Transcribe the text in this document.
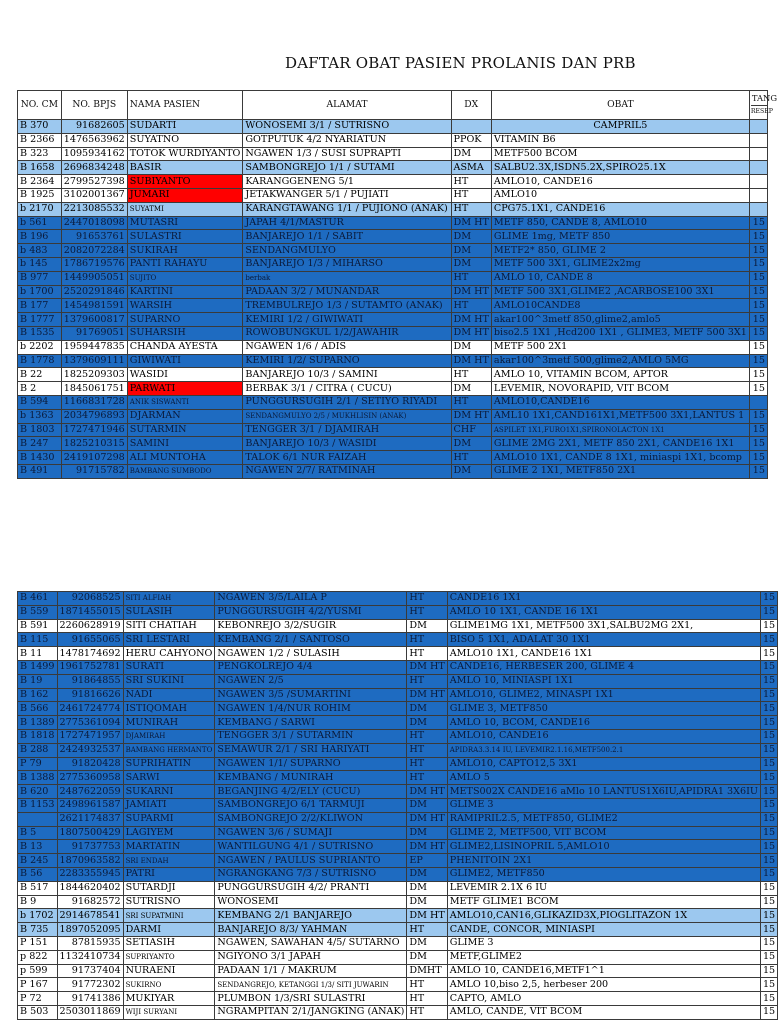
DAFTAR OBAT PASIEN PROLANIS DAN PRB
NO. CM	NO. BPJS	NAMA PASIEN	ALAMAT	DX	OBAT	TANG
RESEP

B 370	91682605	SUDARTI	WONOSEMI 3/1 / SUTRISNO		CAMPRIL5	
B 2366	1476563962	SUYATNO	GOTPUTUK 4/2 NYARIATUN	PPOK	VITAMIN B6	
B 323	1095934162	TOTOK WURDIYANTO	NGAWEN 1/3 / SUSI SUPRAPTI	DM	METF500 BCOM	
B 1658	2696834248	BASIR	SAMBONGREJO 1/1 / SUTAMI	ASMA	SALBU2.3X,ISDN5.2X,SPIRO25.1X	
B 2364	2799527398	SUBIYANTO	KARANGGENENG 5/1	HT	AMLO10, CANDE16	
B 1925	3102001367	JUMARI	JETAKWANGER 5/1 / PUJIATI	HT	AMLO10	
b 2170	2213085532	SUYATMI	KARANGTAWANG 1/1 / PUJIONO (ANAK)	HT	CPG75.1X1, CANDE16	
b 561	2447018098	MUTASRI	JAPAH 4/1/MASTUR	DM HT	METF 850, CANDE 8, AMLO10	15
B 196	91653761	SULASTRI	BANJAREJO 1/1 / SABIT	DM	GLIME 1mg, METF 850	15
b 483	2082072284	SUKIRAH	SENDANGMULYO	DM	METF2* 850, GLIME 2	15
b 145	1786719576	PANTI RAHAYU	BANJAREJO 1/3 / MIHARSO	DM	METF 500 3X1, GLIME2x2mg	15
B 977	1449905051	SUJITO	berbak	HT	AMLO 10, CANDE 8	15
b 1700	2520291846	KARTINI	PADAAN 3/2 / MUNANDAR	DM HT	METF 500 3X1,GLIME2 ,ACARBOSE100 3X1	15
B 177	1454981591	WARSIH	TREMBULREJO 1/3 / SUTAMTO (ANAK)	HT	AMLO10CANDE8	15
B 1777	1379600817	SUPARNO	KEMIRI 1/2 / GIWIWATI	DM HT	akar100^3metf 850,glime2,amlo5	15
B 1535	91769051	SUHARSIH	ROWOBUNGKUL 1/2/JAWAHIR	DM HT	biso2.5 1X1 ,Hcd200 1X1 , GLIME3, METF 500 3X1	15
b 2202	1959447835	CHANDA AYESTA	NGAWEN 1/6 / ADIS	DM	METF 500 2X1	15
B 1778	1379609111	GIWIWATI	KEMIRI 1/2/ SUPARNO	DM HT	akar100^3metf 500,glime2,AMLO 5MG	15
B 22	1825209303	WASIDI	BANJAREJO 10/3 / SAMINI	HT	AMLO 10, VITAMIN BCOM, APTOR	15
B 2	1845061751	PARWATI	BERBAK 3/1 / CITRA ( CUCU)	DM	LEVEMIR, NOVORAPID, VIT BCOM	15
B 594	1166831728	ANIK SISWANTI	PUNGGURSUGIH 2/1 / SETIYO RIYADI	HT	AMLO10,CANDE16	
b 1363	2034796893	DJARMAN	SENDANGMULYO 2/5 / MUKHLISIN (ANAK)	DM HT	AML10 1X1,CAND161X1,METF500 3X1,LANTUS 1	15
B 1803	1727471946	SUTARMIN	TENGGER 3/1 / DJAMIRAH	CHF	ASPILET 1X1,FURO1X1,SPIRONOLACTON 1X1	15
B 247	1825210315	SAMINI	BANJAREJO 10/3 / WASIDI	DM	GLIME 2MG 2X1, METF 850 2X1, CANDE16 1X1	15
B 1430	2419107298	ALI MUNTOHA	TALOK 6/1 NUR FAIZAH	HT	AMLO10 1X1, CANDE 8 1X1, miniaspi 1X1, bcomp	15
B 491	91715782	BAMBANG SUMBODO	NGAWEN 2/7/ RATMINAH	DM	GLIME 2 1X1, METF850 2X1	15
B 461	92068525	SITI ALFIAH	NGAWEN 3/5/LAILA P	HT	CANDE16 1X1	15
B 559	1871455015	SULASIH	PUNGGURSUGIH 4/2/YUSMI	HT	AMLO 10 1X1, CANDE 16 1X1	15
B 591	2260628919	SITI CHATIAH	KEBONREJO 3/2/SUGIR	DM	GLIME1MG 1X1, METF500 3X1,SALBU2MG 2X1,	15
B 115	91655065	SRI LESTARI	KEMBANG 2/1 / SANTOSO	HT	BISO 5 1X1, ADALAT 30 1X1	15
B 11	1478174692	HERU CAHYONO	NGAWEN 1/2 / SULASIH	HT	AMLO10 1X1, CANDE16 1X1	15
B 1499	1961752781	SURATI	PENGKOLREJO 4/4	DM HT	CANDE16, HERBESER 200, GLIME 4	15
B 19	91864855	SRI SUKINI	NGAWEN 2/5	HT	AMLO 10, MINIASPI 1X1	15
B 162	91816626	NADI	NGAWEN 3/5 /SUMARTINI	DM HT	AMLO10, GLIME2, MINASPI 1X1	15
B 566	2461724774	ISTIQOMAH	NGAWEN 1/4/NUR ROHIM	DM	GLIME 3, METF850	15
B 1389	2775361094	MUNIRAH	KEMBANG / SARWI	DM	AMLO 10, BCOM, CANDE16	15
B 1818	1727471957	DJAMIRAH	TENGGER 3/1 / SUTARMIN	HT	AMLO10, CANDE16	15
B 288	2424932537	BAMBANG HERMANTO	SEMAWUR 2/1 / SRI HARIYATI	HT	APIDRA3.3.14 IU, LEVEMIR2.1.16,METF500.2.1	15
P 79	91820428	SUPRIHATIN	NGAWEN 1/1/ SUPARNO	HT	AMLO10, CAPTO12,5 3X1	15
B 1388	2775360958	SARWI	KEMBANG / MUNIRAH	HT	AMLO 5	15
B 620	2487622059	SUKARNI	BEGANJING 4/2/ELY (CUCU)	DM HT	METS002X CANDE16 aMlo 10 LANTUS1X6IU,APIDRA1 3X6IU	15
B 1153	2498961587	JAMIATI	SAMBONGREJO 6/1 TARMUJI	DM	GLIME 3	15
	2621174837	SUPARMI	SAMBONGREJO 2/2/KLIWON	DM HT	RAMIPRIL2.5, METF850, GLIME2	15
B 5	1807500429	LAGIYEM	NGAWEN 3/6 / SUMAJI	DM	GLIME 2, METF500, VIT BCOM	15
B 13	91737753	MARTATIN	WANTILGUNG 4/1 / SUTRISNO	DM HT	GLIME2,LISINOPRIL 5,AMLO10	15
B 245	1870963582	SRI ENDAH	NGAWEN / PAULUS SUPRIANTO	EP	PHENITOIN 2X1	15
B 56	2283355945	PATRI	NGRANGKANG 7/3 / SUTRISNO	DM	GLIME2, METF850	15
B 517	1844620402	SUTARDJI	PUNGGURSUGIH 4/2/ PRANTI	DM	LEVEMIR 2.1X 6 IU	15
B 9	91682572	SUTRISNO	WONOSEMI	DM	METF GLIME1 BCOM	15
b 1702	2914678541	SRI SUPATMINI	KEMBANG 2/1 BANJAREJO	DM HT	AMLO10,CAN16,GLIKAZID3X,PIOGLITAZON 1X	15
B 735	1897052095	DARMI	BANJAREJO 8/3/ YAHMAN	HT	CANDE, CONCOR, MINIASPI	15
P 151	87815935	SETIASIH	NGAWEN, SAWAHAN 4/5/ SUTARNO	DM	GLIME 3	15
p 822	1132410734	SUPRIYANTO	NGIYONO 3/1 JAPAH	DM	METF,GLIME2	15
p 599	91737404	NURAENI	PADAAN 1/1 / MAKRUM	DMHT	AMLO 10, CANDE16,METF1^1	15
P 167	91772302	SUKIRNO	SENDANGREJO, KETANGGI 1/3/ SITI JUWARIN	HT	AMLO 10,biso 2,5, herbeser 200	15
P 72	91741386	MUKIYAR	PLUMBON 1/3/SRI SULASTRI	HT	CAPTO, AMLO	15
B 503	2503011869	WIJI SURYANI	NGRAMPITAN 2/1/JANGKING (ANAK)	HT	AMLO, CANDE, VIT BCOM	15
